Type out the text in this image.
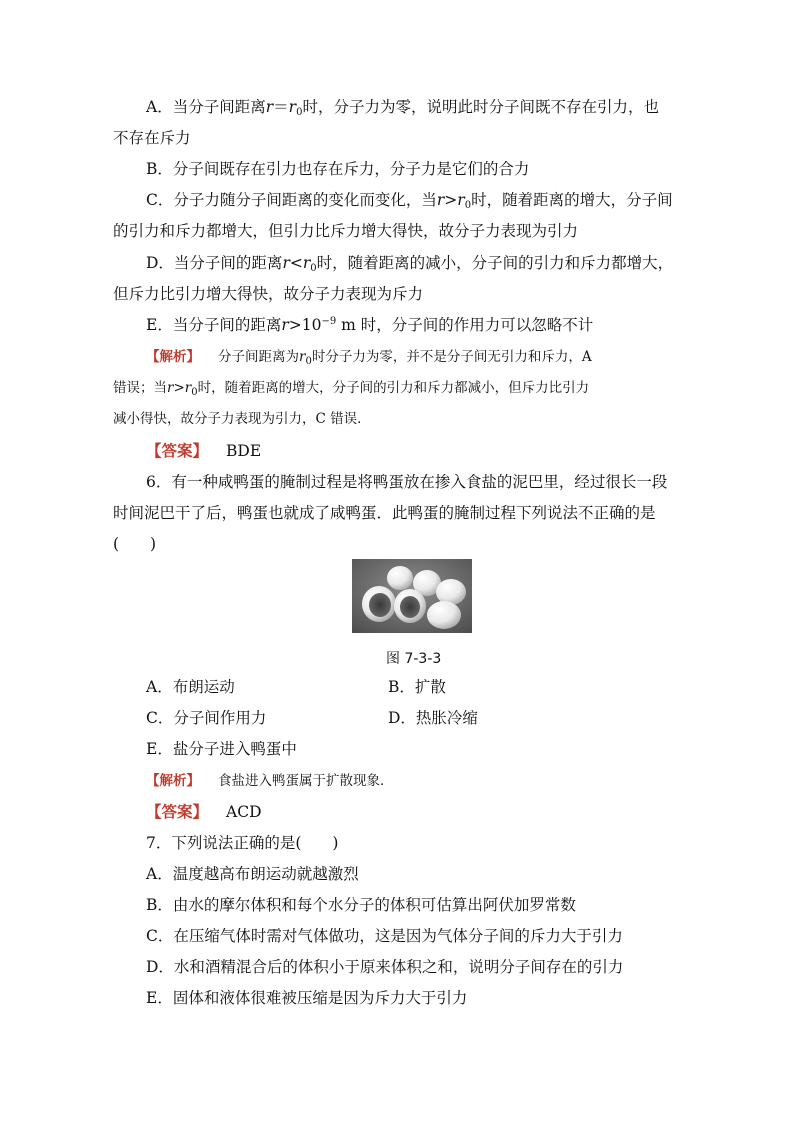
A．当分子间距离$r=r_0$时，分子力为零，说明此时分子间既不存在引力，也
不存在斥力
B．分子间既存在引力也存在斥力，分子力是它们的合力
C．分子力随分子间距离的变化而变化，当$r>r_0$时，随着距离的增大，分子间
的引力和斥力都增大，但引力比斥力增大得快，故分子力表现为引力
D．当分子间的距离$r<r_0$时，随着距离的减小，分子间的引力和斥力都增大，
但斥力比引力增大得快，故分子力表现为斥力
E．当分子间的距离$r>10^{-9}$ m 时，分子间的作用力可以忽略不计
【解析】 分子间距离为$r_0$时分子力为零，并不是分子间无引力和斥力，A
错误；当$r>r_0$时，随着距离的增大，分子间的引力和斥力都减小，但斥力比引力
减小得快，故分子力表现为引力，C 错误．
【答案】 BDE
6．有一种咸鸭蛋的腌制过程是将鸭蛋放在掺入食盐的泥巴里，经过很长一段
时间泥巴干了后，鸭蛋也就成了咸鸭蛋．此鸭蛋的腌制过程下列说法不正确的是
(　　)
图 7-3-3
A．布朗运动	B．扩散
C．分子间作用力	D．热胀冷缩
E．盐分子进入鸭蛋中
【解析】 食盐进入鸭蛋属于扩散现象．
【答案】 ACD
7．下列说法正确的是(　　)
A．温度越高布朗运动就越激烈
B．由水的摩尔体积和每个水分子的体积可估算出阿伏加罗常数
C．在压缩气体时需对气体做功，这是因为气体分子间的斥力大于引力
D．水和酒精混合后的体积小于原来体积之和，说明分子间存在的引力
E．固体和液体很难被压缩是因为斥力大于引力
